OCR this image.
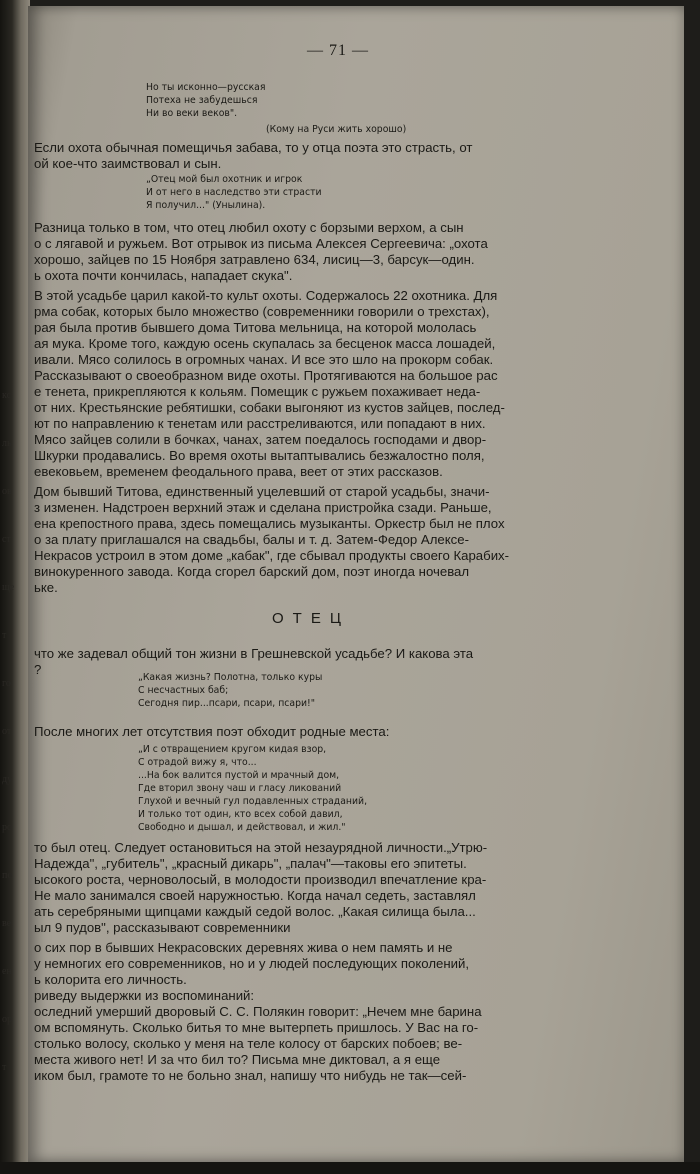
кс
ль
ов
ст
ще
т
го
от
ду
ро
по
ве
ен
ор
т
— 71 —
Но ты исконно—русская
Потеха не забудешься
Ни во веки веков".
(Кому на Руси жить хорошо)
Если охота обычная помещичья забава, то у отца поэта это страсть, от
ой кое-что заимствовал и сын.
„Отец мой был охотник и игрок
И от него в наследство эти страсти
Я получил..." (Унылина).
Разница только в том, что отец любил охоту с борзыми верхом, а сын
о с лягавой и ружьем. Вот отрывок из письма Алексея Сергеевича: „охота
хорошо, зайцев по 15 Ноября затравлено 634, лисиц—3, барсук—один.
ь охота почти кончилась, нападает скука".
В этой усадьбе царил какой-то культ охоты. Содержалось 22 охотника. Для
рма собак, которых было множество (современники говорили о трехстах),
рая была против бывшего дома Титова мельница, на которой мололась
ая мука. Кроме того, каждую осень скупалась за бесценок масса лошадей,
ивали. Мясо солилось в огромных чанах. И все это шло на прокорм собак.
Рассказывают о своеобразном виде охоты. Протягиваются на большое рас
е тенета, прикрепляются к кольям. Помещик с ружьем похаживает неда-
от них. Крестьянские ребятишки, собаки выгоняют из кустов зайцев, послед-
ют по направлению к тенетам или расстреливаются, или попадают в них.
Мясо зайцев солили в бочках, чанах, затем поедалось господами и двор-
Шкурки продавались. Во время охоты вытаптывались безжалостно поля,
евековьем, временем феодального права, веет от этих рассказов.
Дом бывший Титова, единственный уцелевший от старой усадьбы, значи-
з изменен. Надстроен верхний этаж и сделана пристройка сзади. Раньше,
ена крепостного права, здесь помещались музыканты. Оркестр был не плох
о за плату приглашался на свадьбы, балы и т. д. Затем-Федор Алексе-
Некрасов устроил в этом доме „кабак", где сбывал продукты своего Карабих-
винокуренного завода. Когда сгорел барский дом, поэт иногда ночевал
ьке.
что же задевал общий тон жизни в Грешневской усадьбе? И какова эта
?
„Какая жизнь? Полотна, только куры
С несчастных баб;
Сегодня пир...псари, псари, псари!"
После многих лет отсутствия поэт обходит родные места:
„И с отвращением кругом кидая взор,
С отрадой вижу я, что...
...На бок валится пустой и мрачный дом,
Где вторил звону чаш и гласу ликований
Глухой и вечный гул подавленных страданий,
И только тот один, кто всех собой давил,
Свободно и дышал, и действовал, и жил."
то был отец. Следует остановиться на этой незаурядной личности.„Утрю-
Надежда", „губитель", „красный дикарь", „палач"—таковы его эпитеты.
ысокого роста, черноволосый, в молодости производил впечатление кра-
Не мало занимался своей наружностью. Когда начал седеть, заставлял
ать серебряными щипцами каждый седой волос. „Какая силища была...
ыл 9 пудов", рассказывают современники
о сих пор в бывших Некрасовских деревнях жива о нем память и не
у немногих его современников, но и у людей последующих поколений,
ь колорита его личность.
риведу выдержки из воспоминаний:
оследний умерший дворовый С. С. Полякин говорит: „Нечем мне барина
ом вспомянуть. Сколько битья то мне вытерпеть пришлось. У Вас на го-
столько волосу, сколько у меня на теле колосу от барских побоев; ве-
места живого нет! И за что бил то? Письма мне диктовал, а я еще
иком был, грамоте то не больно знал, напишу что нибудь не так—сей-
ОТЕЦ
